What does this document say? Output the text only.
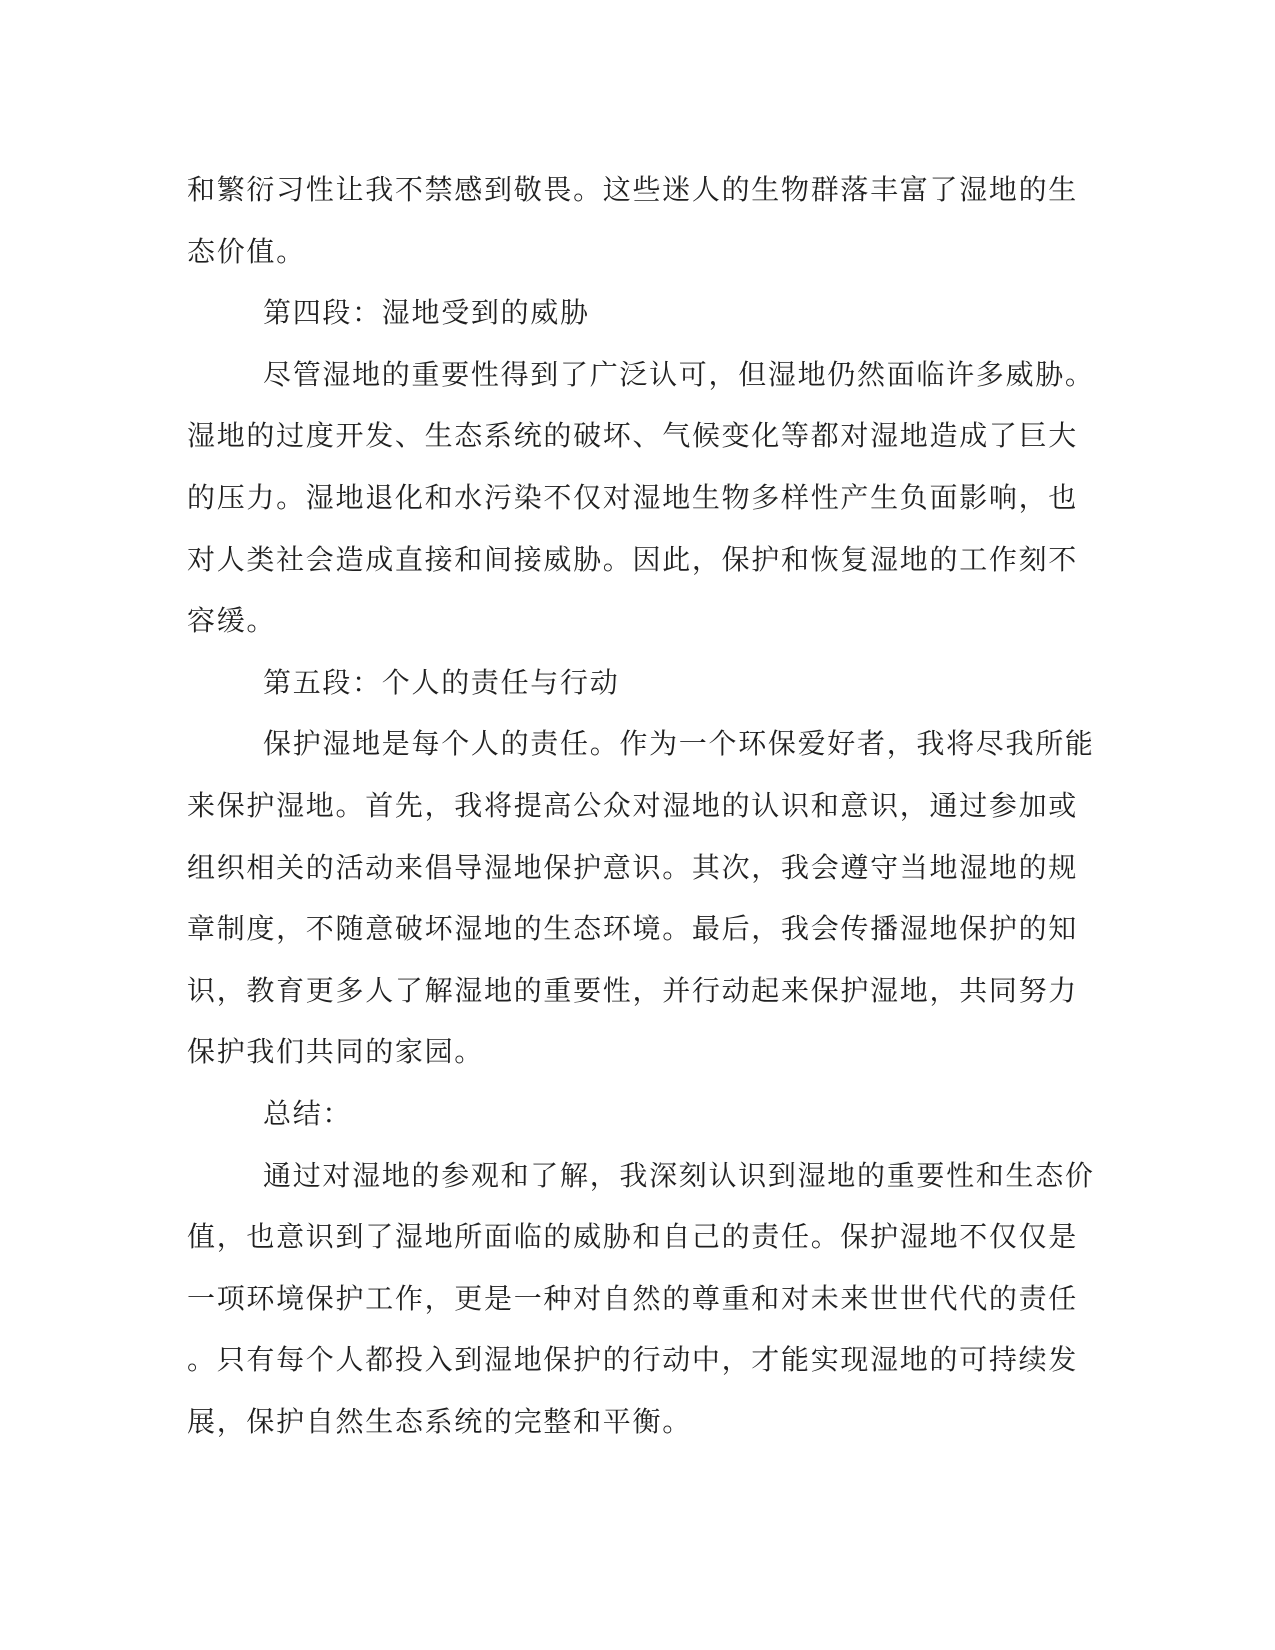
和繁衍习性让我不禁感到敬畏。这些迷人的生物群落丰富了湿地的生
态价值。
第四段：湿地受到的威胁
尽管湿地的重要性得到了广泛认可，但湿地仍然面临许多威胁。
湿地的过度开发、生态系统的破坏、气候变化等都对湿地造成了巨大
的压力。湿地退化和水污染不仅对湿地生物多样性产生负面影响，也
对人类社会造成直接和间接威胁。因此，保护和恢复湿地的工作刻不
容缓。
第五段：个人的责任与行动
保护湿地是每个人的责任。作为一个环保爱好者，我将尽我所能
来保护湿地。首先，我将提高公众对湿地的认识和意识，通过参加或
组织相关的活动来倡导湿地保护意识。其次，我会遵守当地湿地的规
章制度，不随意破坏湿地的生态环境。最后，我会传播湿地保护的知
识，教育更多人了解湿地的重要性，并行动起来保护湿地，共同努力
保护我们共同的家园。
总结：
通过对湿地的参观和了解，我深刻认识到湿地的重要性和生态价
值，也意识到了湿地所面临的威胁和自己的责任。保护湿地不仅仅是
一项环境保护工作，更是一种对自然的尊重和对未来世世代代的责任
。只有每个人都投入到湿地保护的行动中，才能实现湿地的可持续发
展，保护自然生态系统的完整和平衡。
